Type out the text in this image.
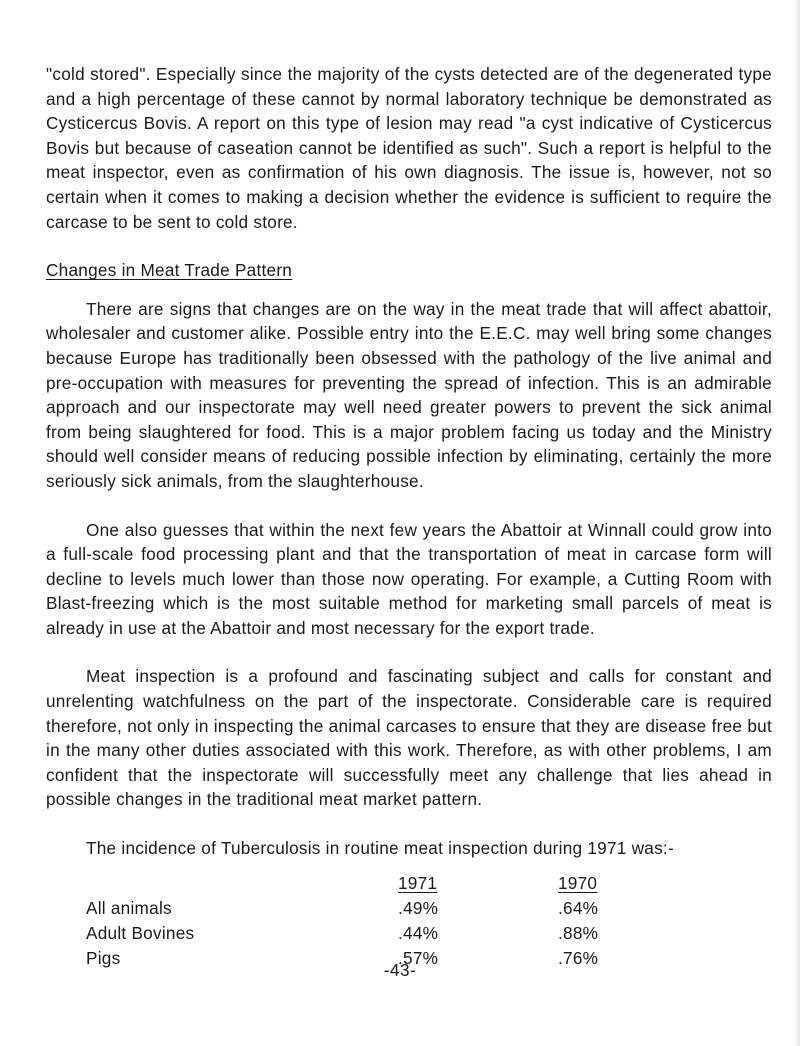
"cold stored". Especially since the majority of the cysts detected are of the degenerated type and a high percentage of these cannot by normal laboratory technique be demonstrated as Cysticercus Bovis. A report on this type of lesion may read "a cyst indicative of Cysticercus Bovis but because of caseation cannot be identified as such". Such a report is helpful to the meat inspector, even as confirmation of his own diagnosis. The issue is, however, not so certain when it comes to making a decision whether the evidence is sufficient to require the carcase to be sent to cold store.

Changes in Meat Trade Pattern

There are signs that changes are on the way in the meat trade that will affect abattoir, wholesaler and customer alike. Possible entry into the E.E.C. may well bring some changes because Europe has traditionally been obsessed with the pathology of the live animal and pre-occupation with measures for preventing the spread of infection. This is an admirable approach and our inspectorate may well need greater powers to prevent the sick animal from being slaughtered for food. This is a major problem facing us today and the Ministry should well consider means of reducing possible infection by eliminating, certainly the more seriously sick animals, from the slaughterhouse.

One also guesses that within the next few years the Abattoir at Winnall could grow into a full-scale food processing plant and that the transportation of meat in carcase form will decline to levels much lower than those now operating. For example, a Cutting Room with Blast-freezing which is the most suitable method for marketing small parcels of meat is already in use at the Abattoir and most necessary for the export trade.

Meat inspection is a profound and fascinating subject and calls for constant and unrelenting watchfulness on the part of the inspectorate. Considerable care is required therefore, not only in inspecting the animal carcases to ensure that they are disease free but in the many other duties associated with this work. Therefore, as with other problems, I am confident that the inspectorate will successfully meet any challenge that lies ahead in possible changes in the traditional meat market pattern.

The incidence of Tuberculosis in routine meat inspection during 1971 was:-

	1971	1970
All animals	.49%	.64%
Adult Bovines	.44%	.88%
Pigs	.57%	.76%
-43-
